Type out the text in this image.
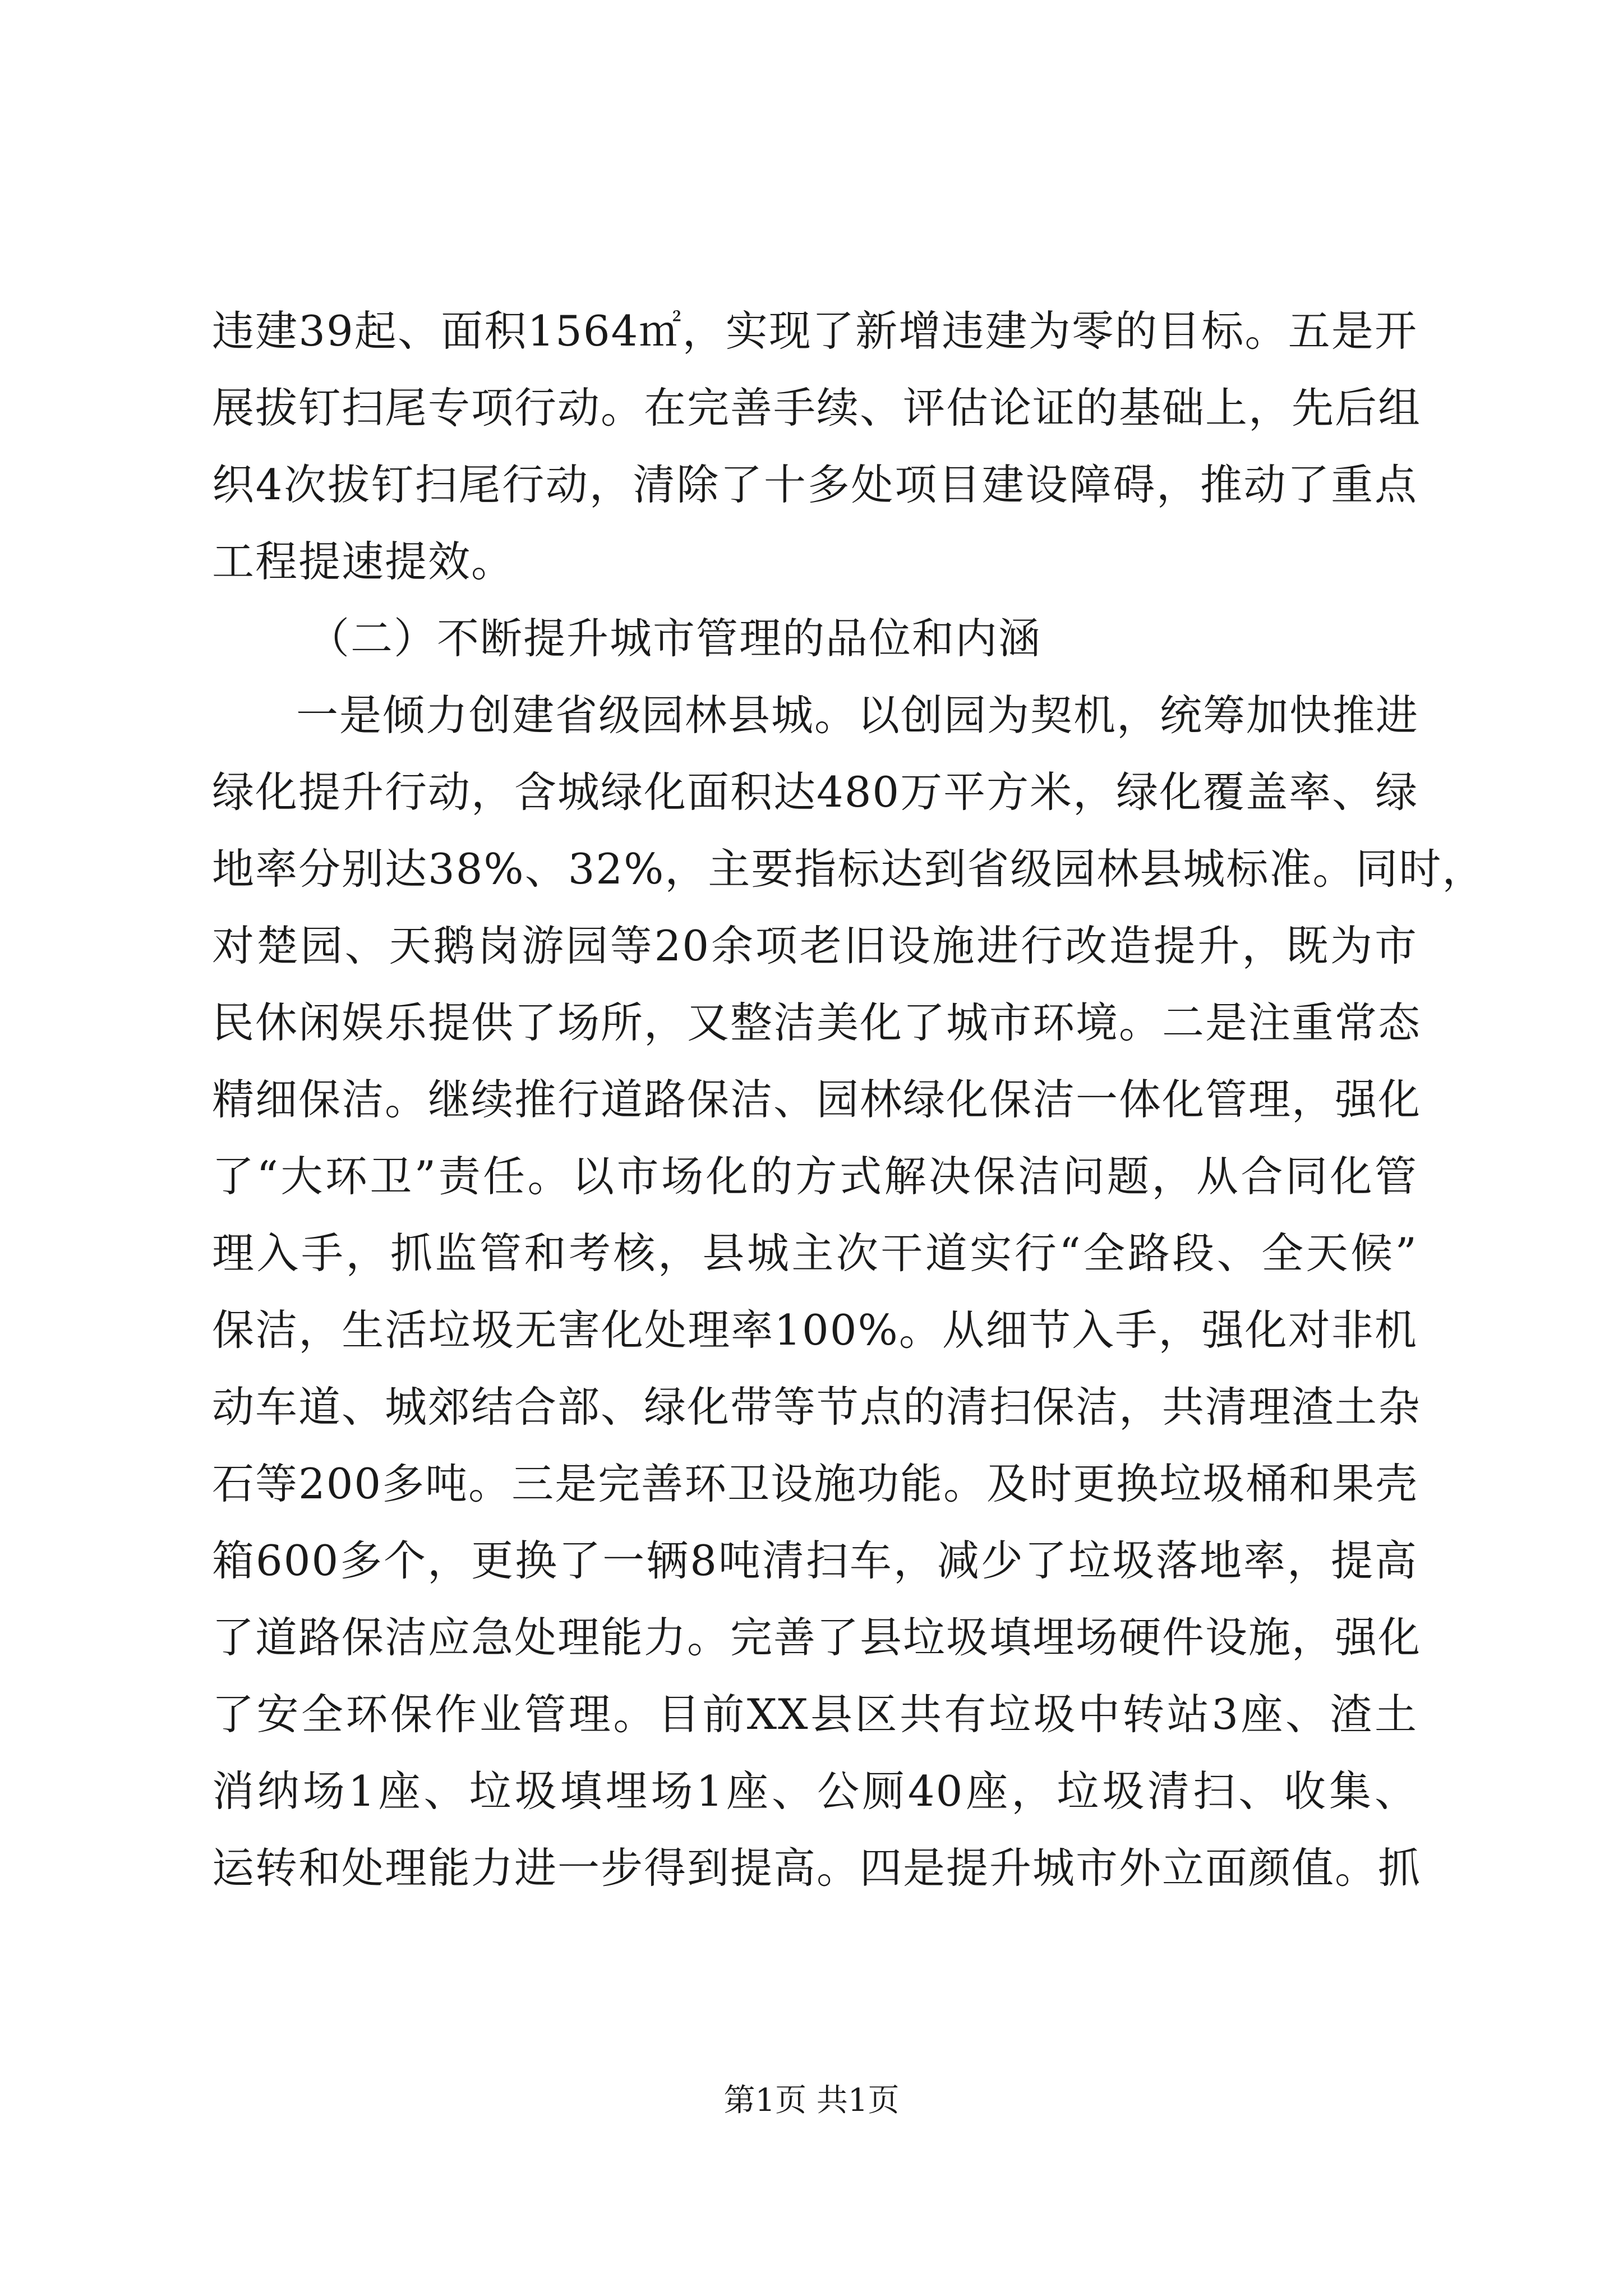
违建39起、面积1564㎡，实现了新增违建为零的目标。五是开
展拔钉扫尾专项行动。在完善手续、评估论证的基础上，先后组
织4次拔钉扫尾行动，清除了十多处项目建设障碍，推动了重点
工程提速提效。
（二）不断提升城市管理的品位和内涵
一是倾力创建省级园林县城。以创园为契机，统筹加快推进
绿化提升行动，含城绿化面积达480万平方米，绿化覆盖率、绿
地率分别达38%、32%，主要指标达到省级园林县城标准。同时，
对楚园、天鹅岗游园等20余项老旧设施进行改造提升，既为市
民休闲娱乐提供了场所，又整洁美化了城市环境。二是注重常态
精细保洁。继续推行道路保洁、园林绿化保洁一体化管理，强化
了“大环卫”责任。以市场化的方式解决保洁问题，从合同化管
理入手，抓监管和考核，县城主次干道实行“全路段、全天候”
保洁，生活垃圾无害化处理率100%。从细节入手，强化对非机
动车道、城郊结合部、绿化带等节点的清扫保洁，共清理渣土杂
石等200多吨。三是完善环卫设施功能。及时更换垃圾桶和果壳
箱600多个，更换了一辆8吨清扫车，减少了垃圾落地率，提高
了道路保洁应急处理能力。完善了县垃圾填埋场硬件设施，强化
了安全环保作业管理。目前XX县区共有垃圾中转站3座、渣土
消纳场1座、垃圾填埋场1座、公厕40座，垃圾清扫、收集、
运转和处理能力进一步得到提高。四是提升城市外立面颜值。抓
第1页 共1页
